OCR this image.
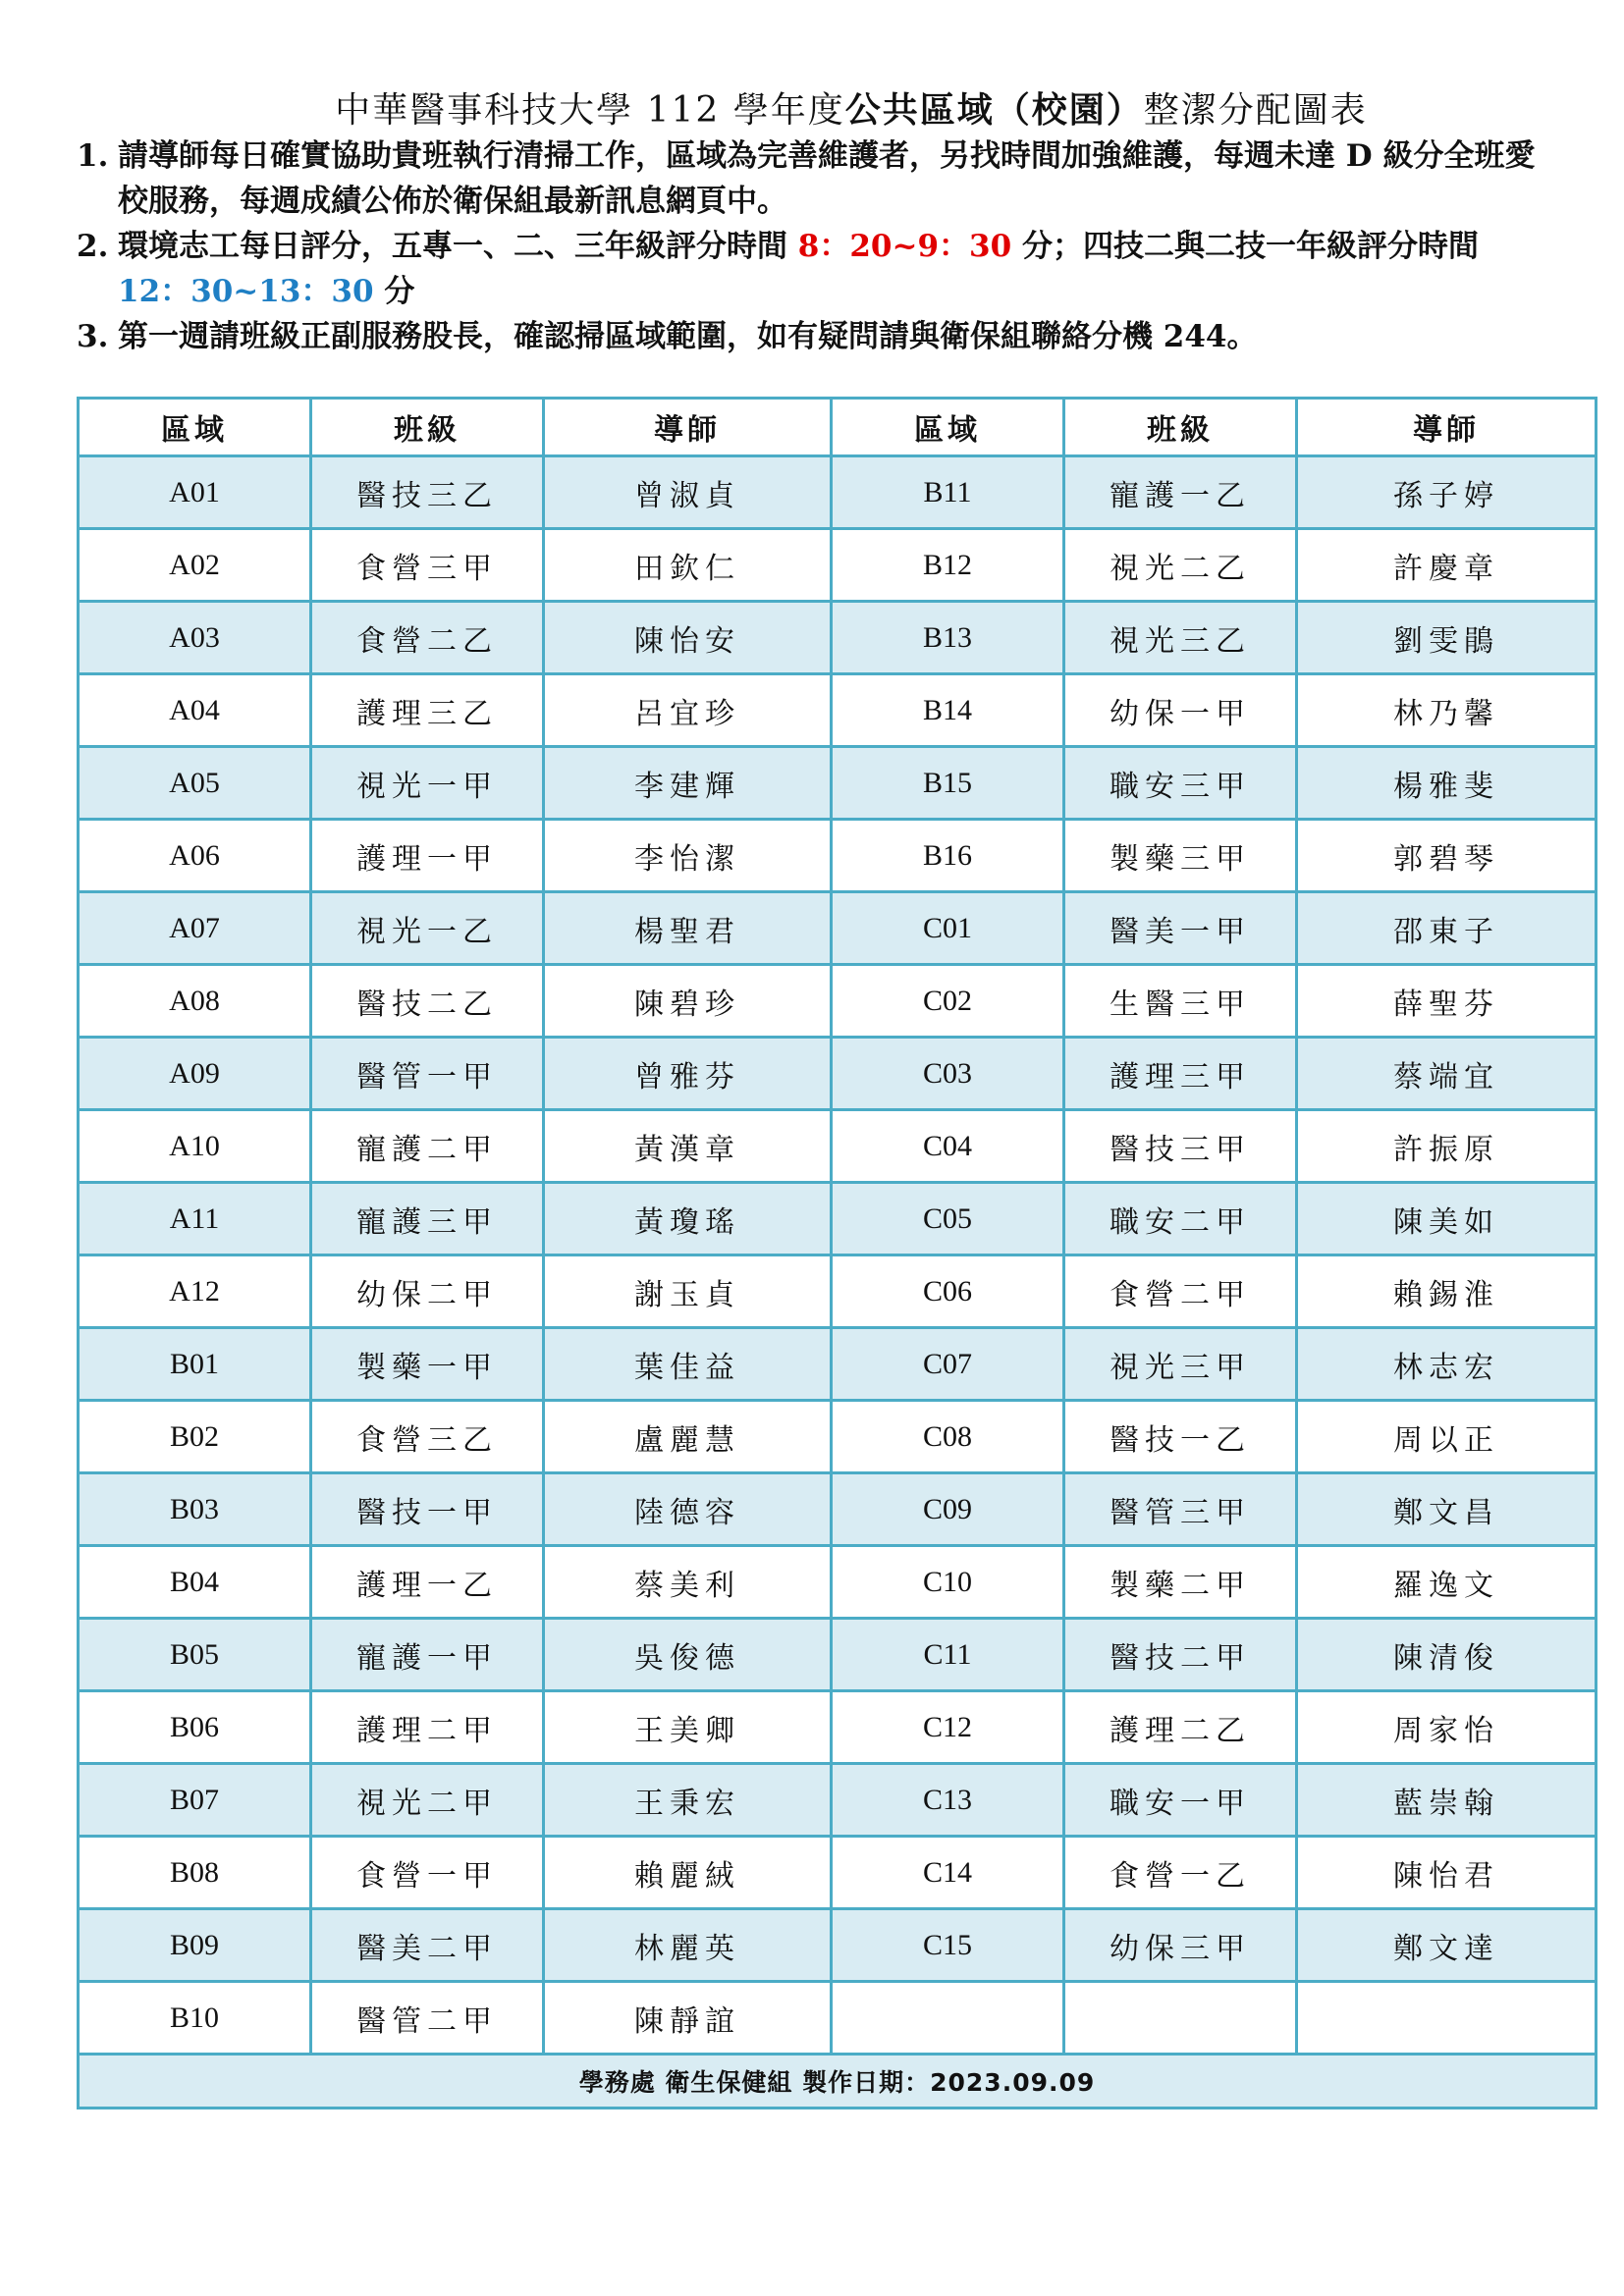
中華醫事科技大學 112 學年度公共區域（校園）整潔分配圖表
1. 請導師每日確實協助貴班執行清掃工作，區域為完善維護者，另找時間加強維護，每週未達 D 級分全班愛校服務，每週成績公佈於衛保組最新訊息網頁中。
2. 環境志工每日評分，五專一、二、三年級評分時間 8：20~9：30 分；四技二與二技一年級評分時間 12：30~13：30 分
3. 第一週請班級正副服務股長，確認掃區域範圍，如有疑問請與衛保組聯絡分機 244。
區域	班級	導師	區域	班級	導師
A01	醫技三乙	曾淑貞	B11	寵護一乙	孫子婷
A02	食營三甲	田欽仁	B12	視光二乙	許慶章
A03	食營二乙	陳怡安	B13	視光三乙	劉雯鵑
A04	護理三乙	呂宜珍	B14	幼保一甲	林乃馨
A05	視光一甲	李建輝	B15	職安三甲	楊雅斐
A06	護理一甲	李怡潔	B16	製藥三甲	郭碧琴
A07	視光一乙	楊聖君	C01	醫美一甲	邵東子
A08	醫技二乙	陳碧珍	C02	生醫三甲	薛聖芬
A09	醫管一甲	曾雅芬	C03	護理三甲	蔡端宜
A10	寵護二甲	黃漢章	C04	醫技三甲	許振原
A11	寵護三甲	黃瓊瑤	C05	職安二甲	陳美如
A12	幼保二甲	謝玉貞	C06	食營二甲	賴錫淮
B01	製藥一甲	葉佳益	C07	視光三甲	林志宏
B02	食營三乙	盧麗慧	C08	醫技一乙	周以正
B03	醫技一甲	陸德容	C09	醫管三甲	鄭文昌
B04	護理一乙	蔡美利	C10	製藥二甲	羅逸文
B05	寵護一甲	吳俊德	C11	醫技二甲	陳清俊
B06	護理二甲	王美卿	C12	護理二乙	周家怡
B07	視光二甲	王秉宏	C13	職安一甲	藍崇翰
B08	食營一甲	賴麗絨	C14	食營一乙	陳怡君
B09	醫美二甲	林麗英	C15	幼保三甲	鄭文達
B10	醫管二甲	陳靜誼			
學務處 衛生保健組 製作日期：2023.09.09					
